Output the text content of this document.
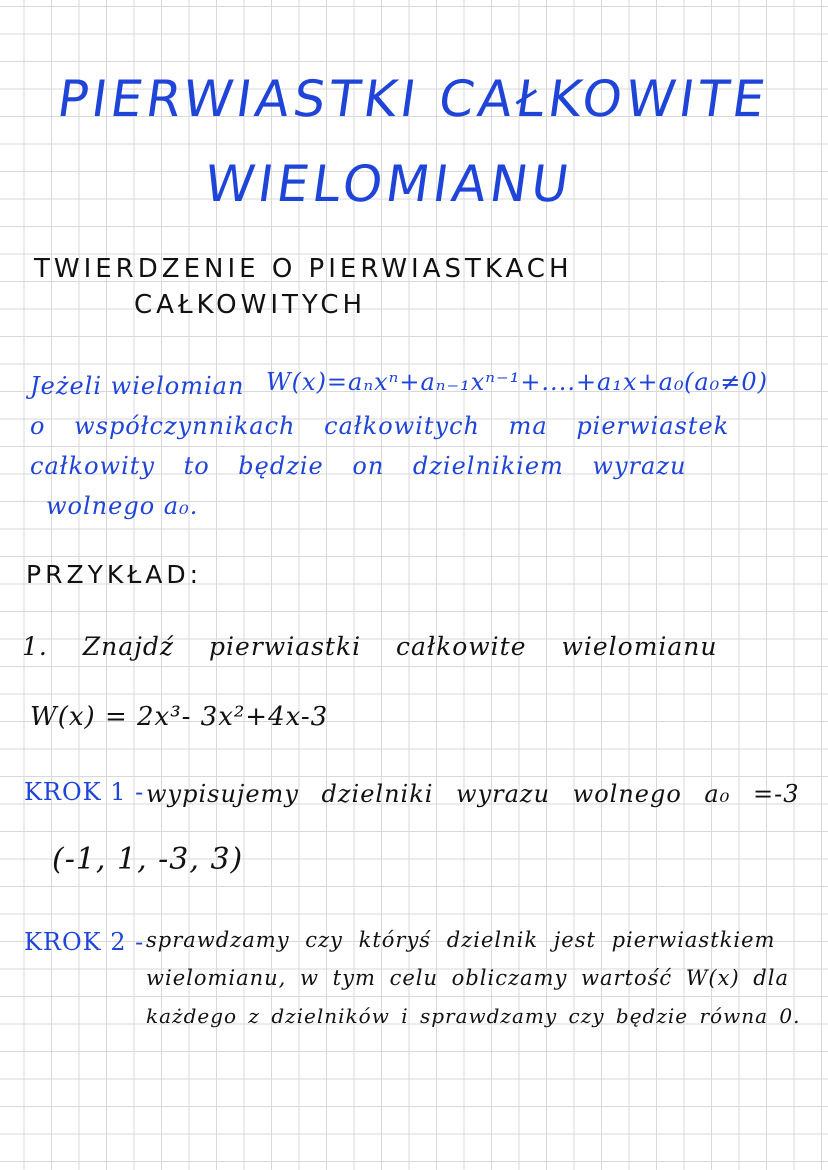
PIERWIASTKI CAŁKOWITE
WIELOMIANU
TWIERDZENIE O PIERWIASTKACH
CAŁKOWITYCH
Jeżeli wielomian W(x)=aₙxⁿ+aₙ₋₁xⁿ⁻¹+....+a₁x+a₀ (a₀≠0)
o współczynnikach całkowitych ma pierwiastek
całkowity to będzie on dzielnikiem wyrazu
wolnego a₀.
PRZYKŁAD:
1. Znajdź pierwiastki całkowite wielomianu
W(x) = 2x³- 3x²+4x-3
KROK 1 - wypisujemy dzielniki wyrazu wolnego a₀ =-3
(-1, 1, -3, 3)
KROK 2 - sprawdzamy czy któryś dzielnik jest pierwiastkiem
wielomianu, w tym celu obliczamy wartość W(x) dla
każdego z dzielników i sprawdzamy czy będzie równa 0.
